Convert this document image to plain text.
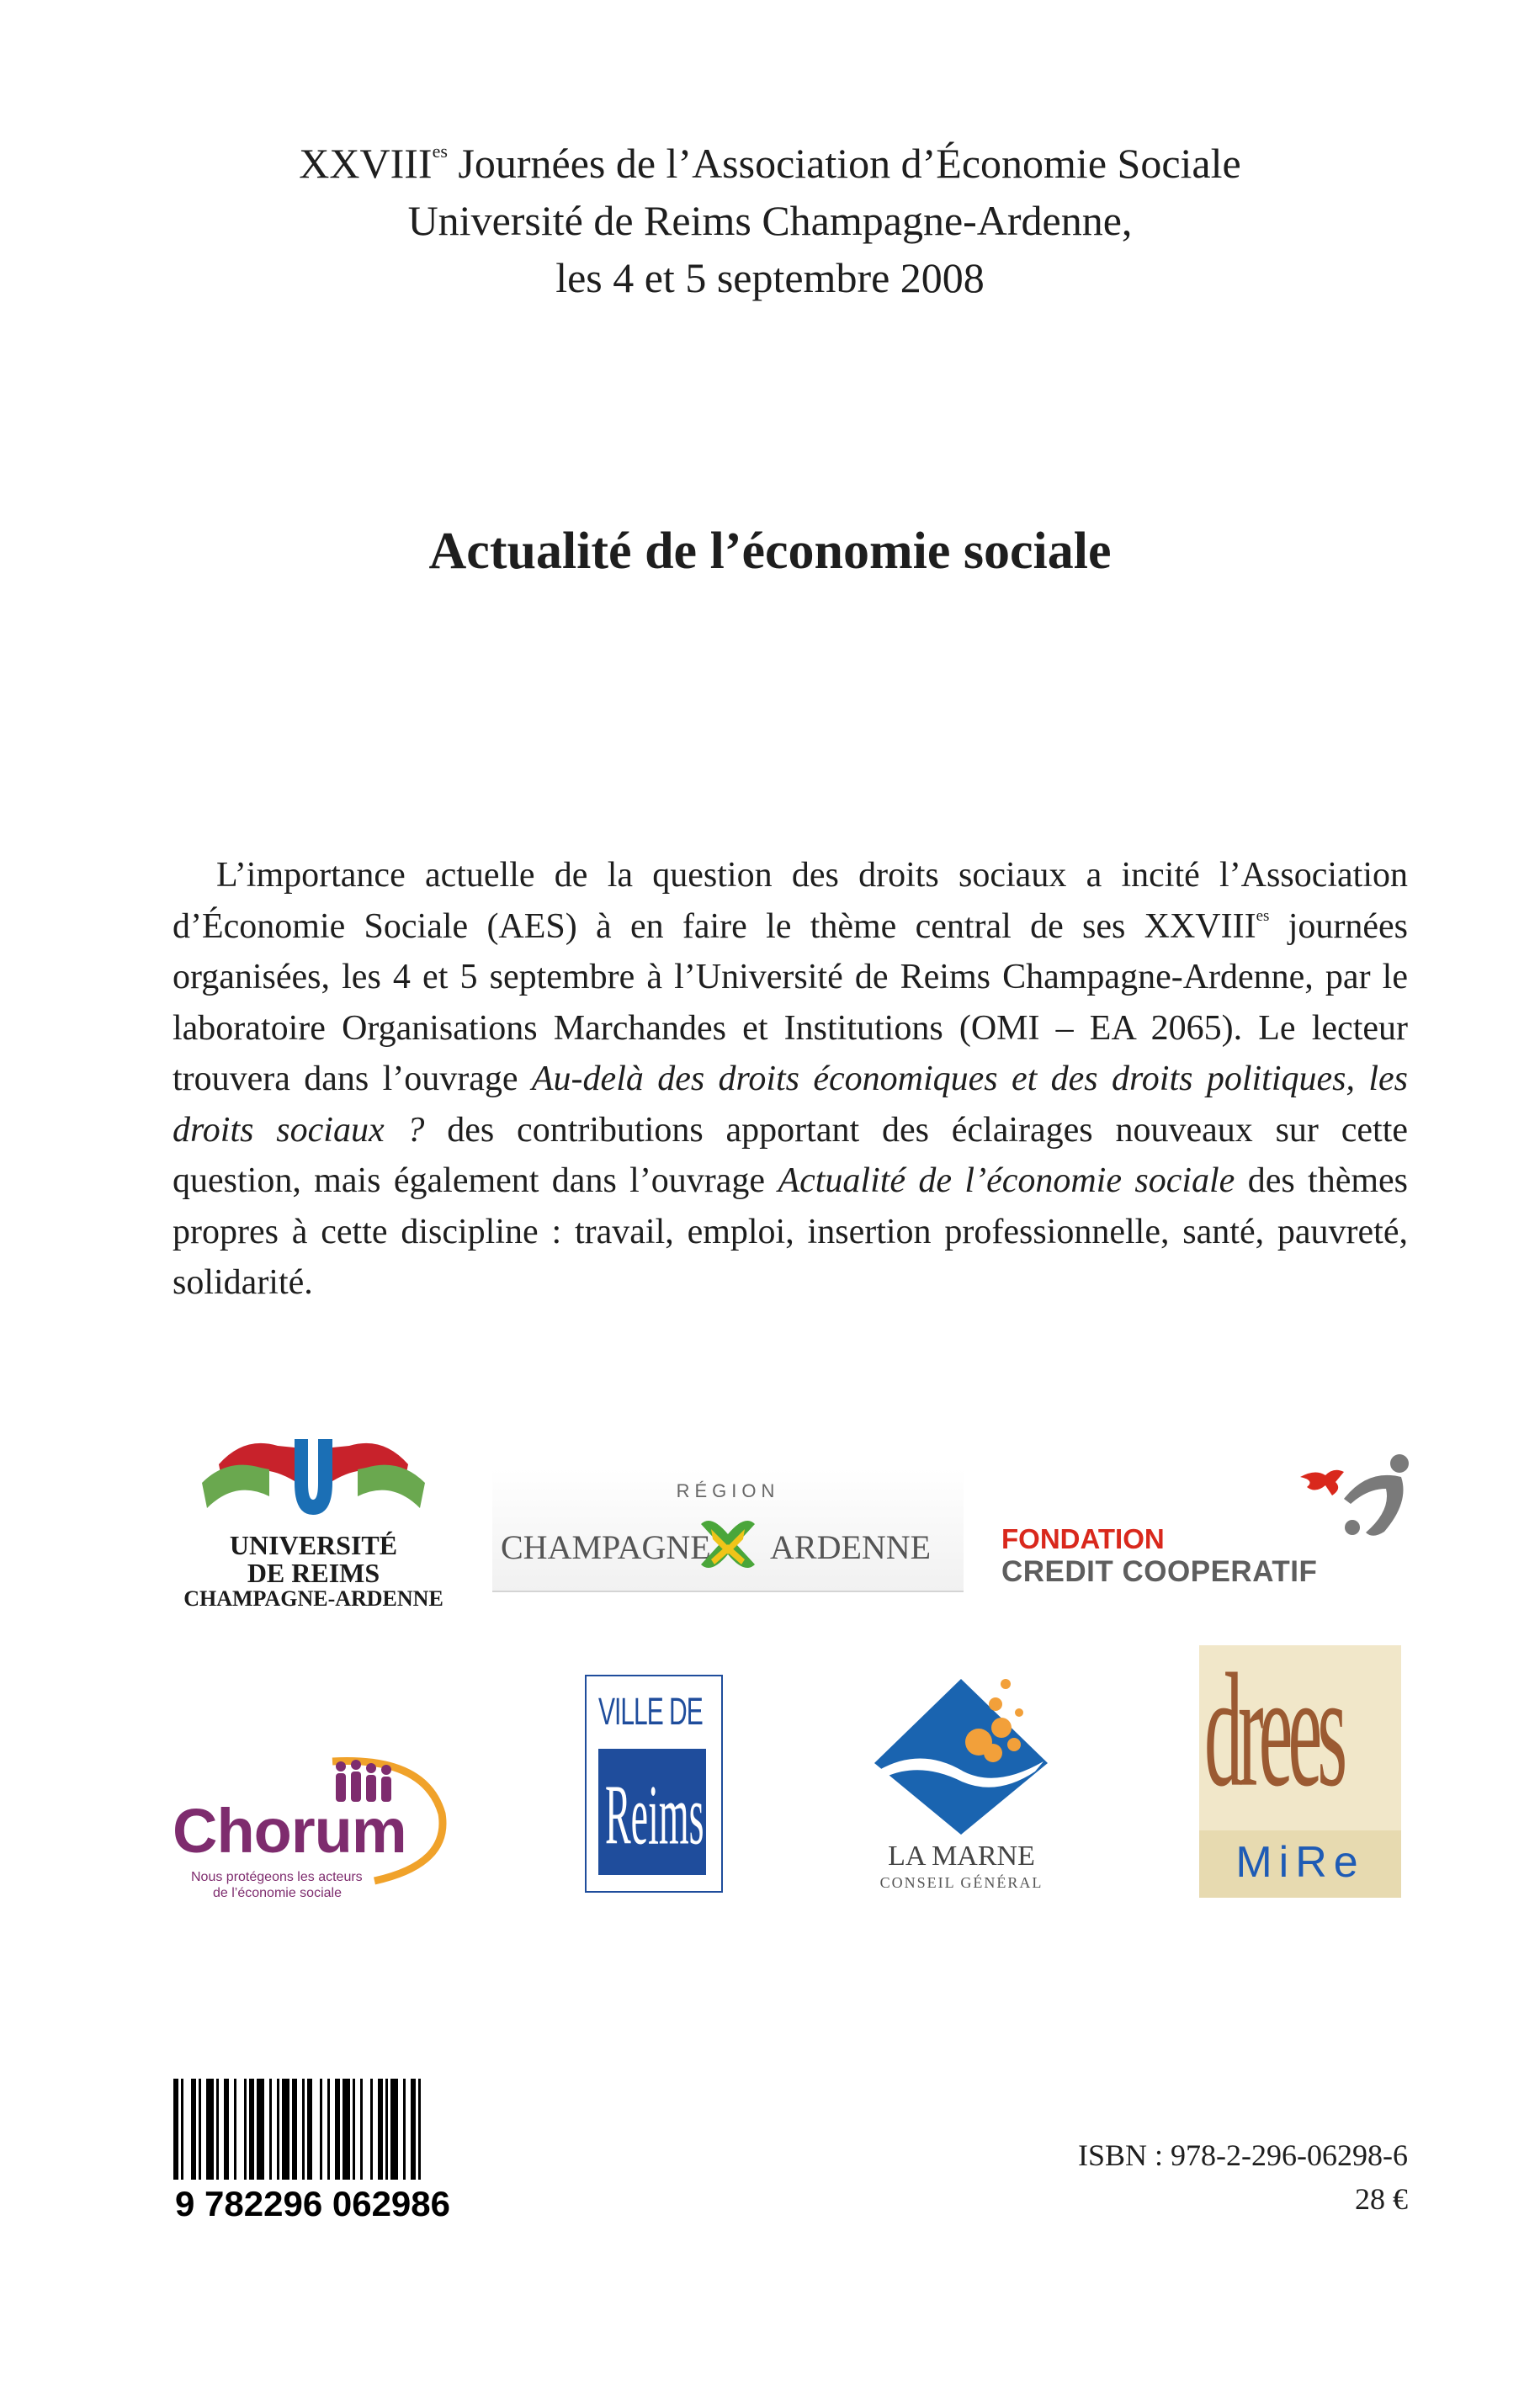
$XXVIII^{es}$ Journées de l’Association d’Économie Sociale
Université de Reims Champagne-Ardenne,
les 4 et 5 septembre 2008
Actualité de l’économie sociale
L’importance actuelle de la question des droits sociaux a incité l’Association d’Économie Sociale (AES) à en faire le thème central de ses $XXVIII^{es}$ journées organisées, les 4 et 5 septembre à l’Université de Reims Champagne-Ardenne, par le laboratoire Organisations Marchandes et Institutions (OMI – EA 2065). Le lecteur trouvera dans l’ouvrage Au-delà des droits économiques et des droits politiques, les droits sociaux ? des contributions apportant des éclairages nouveaux sur cette question, mais également dans l’ouvrage Actualité de l’économie sociale des thèmes propres à cette discipline : travail, emploi, insertion professionnelle, santé, pauvreté, solidarité.
UNIVERSITÉ
DE REIMS
CHAMPAGNE-ARDENNE
RÉGION
CHAMPAGNE ARDENNE	FONDATION
CREDIT COOPERATIF
Chorum
Nous protégeons les acteurs
de l’économie sociale
VILLE DE
Reims	LA MARNE
CONSEIL GÉNÉRAL
drees
MiRe
9 782296 062986
ISBN : 978-2-296-06298-6
28 €
